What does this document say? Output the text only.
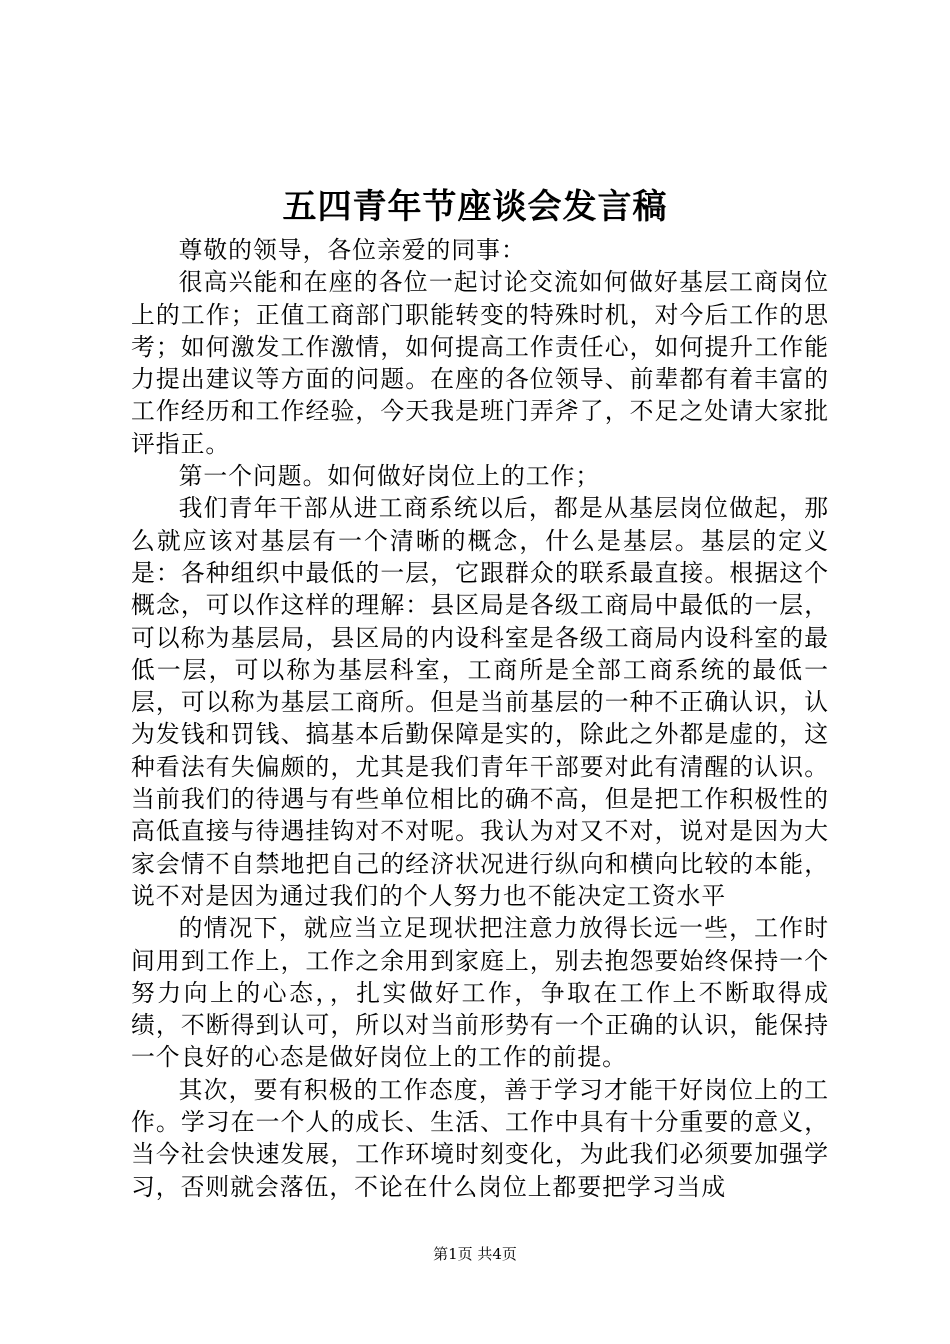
五四青年节座谈会发言稿

尊敬的领导，各位亲爱的同事：

很高兴能和在座的各位一起讨论交流如何做好基层工商岗位上的工作；正值工商部门职能转变的特殊时机，对今后工作的思考；如何激发工作激情，如何提高工作责任心，如何提升工作能力提出建议等方面的问题。在座的各位领导、前辈都有着丰富的工作经历和工作经验，今天我是班门弄斧了，不足之处请大家批评指正。

第一个问题。如何做好岗位上的工作；

我们青年干部从进工商系统以后，都是从基层岗位做起，那么就应该对基层有一个清晰的概念，什么是基层。基层的定义是：各种组织中最低的一层，它跟群众的联系最直接。根据这个概念，可以作这样的理解：县区局是各级工商局中最低的一层，可以称为基层局，县区局的内设科室是各级工商局内设科室的最低一层，可以称为基层科室，工商所是全部工商系统的最低一层，可以称为基层工商所。但是当前基层的一种不正确认识，认为发钱和罚钱、搞基本后勤保障是实的，除此之外都是虚的，这种看法有失偏颇的，尤其是我们青年干部要对此有清醒的认识。当前我们的待遇与有些单位相比的确不高，但是把工作积极性的高低直接与待遇挂钩对不对呢。我认为对又不对，说对是因为大家会情不自禁地把自己的经济状况进行纵向和横向比较的本能，说不对是因为通过我们的个人努力也不能决定工资水平

的情况下，就应当立足现状把注意力放得长远一些，工作时间用到工作上，工作之余用到家庭上，别去抱怨要始终保持一个努力向上的心态，，扎实做好工作，争取在工作上不断取得成绩，不断得到认可，所以对当前形势有一个正确的认识，能保持一个良好的心态是做好岗位上的工作的前提。

其次，要有积极的工作态度，善于学习才能干好岗位上的工作。学习在一个人的成长、生活、工作中具有十分重要的意义，当今社会快速发展，工作环境时刻变化，为此我们必须要加强学习，否则就会落伍，不论在什么岗位上都要把学习当成

第1页 共4页
